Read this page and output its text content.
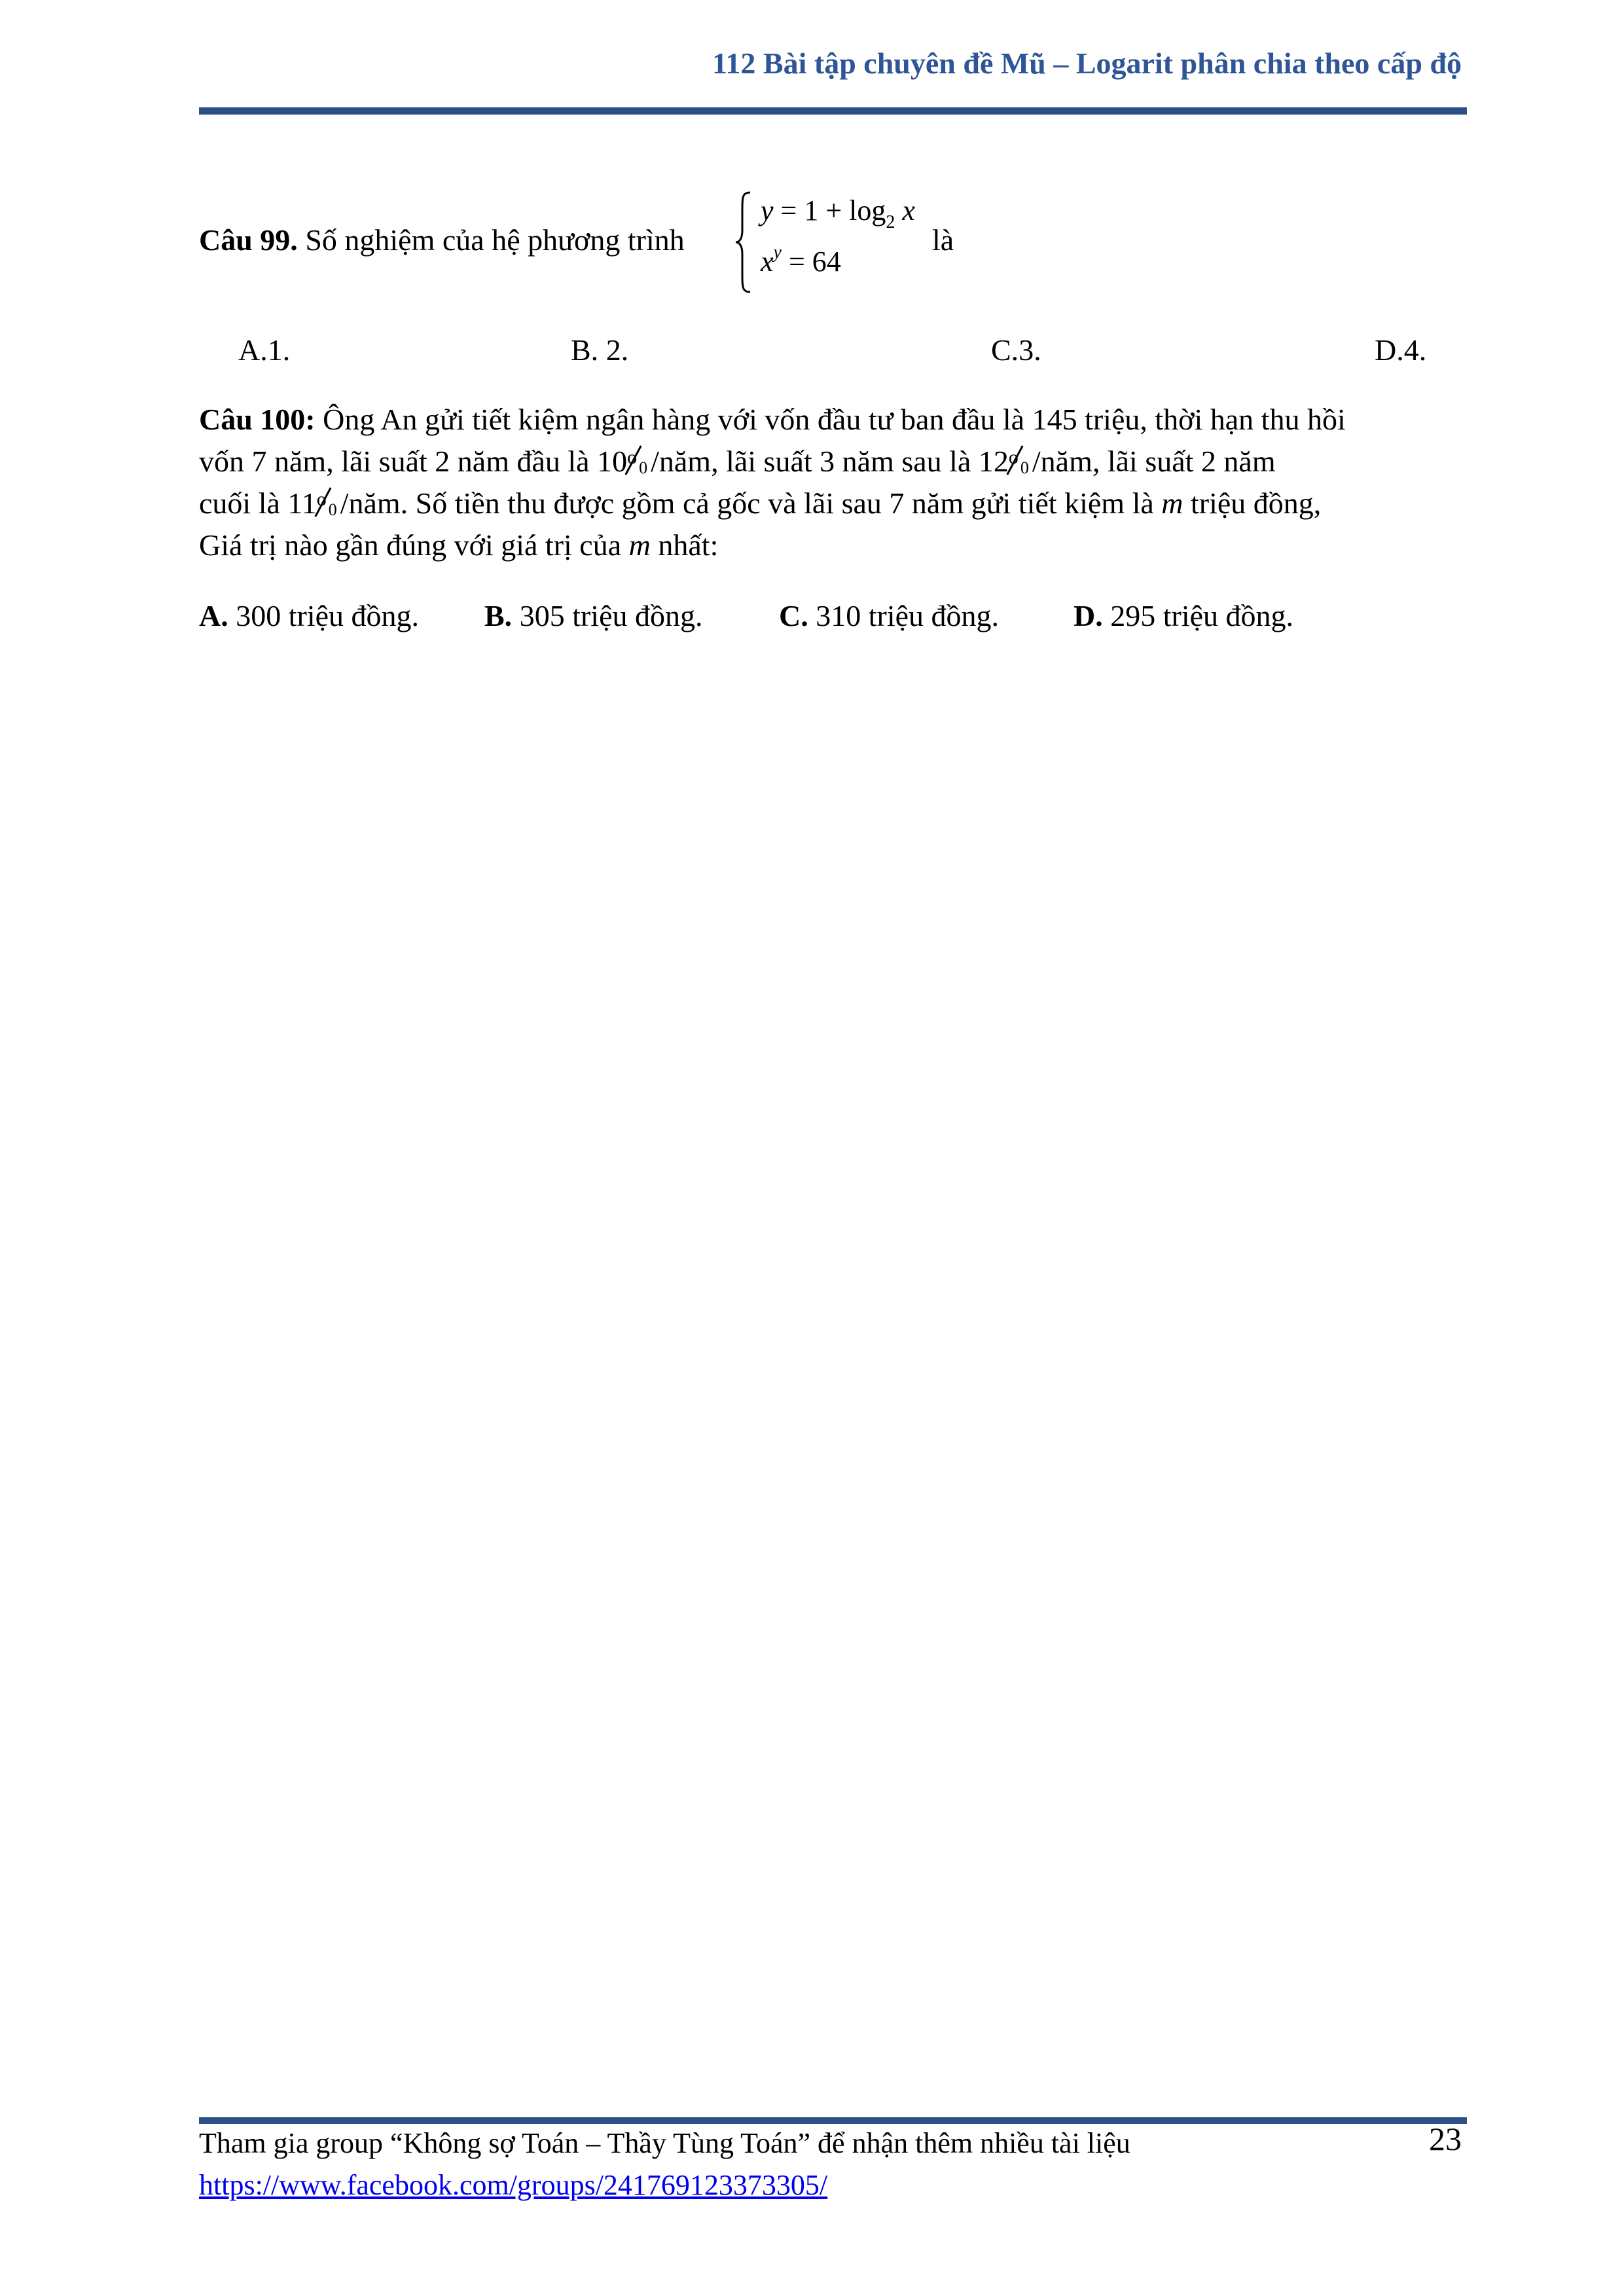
112 Bài tập chuyên đề Mũ – Logarit phân chia theo cấp độ
Câu 99. Số nghiệm của hệ phương trình
$y = 1 + \log_2 x$
$x^y = 64$
là
A.1.	B. 2.	C.3.	D.4.
Câu 100: Ông An gửi tiết kiệm ngân hàng với vốn đầu tư ban đầu là 145 triệu, thời hạn thu hồi
vốn 7 năm, lãi suất 2 năm đầu là 10 o 0 /năm, lãi suất 3 năm sau là 12 o 0 /năm, lãi suất 2 năm
cuối là 11 o 0 /năm. Số tiền thu được gồm cả gốc và lãi sau 7 năm gửi tiết kiệm là m triệu đồng,
Giá trị nào gần đúng với giá trị của m nhất:
A. 300 triệu đồng. B. 305 triệu đồng.	C. 310 triệu đồng. D. 295 triệu đồng.
Tham gia group “Không sợ Toán – Thầy Tùng Toán” để nhận thêm nhiều tài liệu
https://www.facebook.com/groups/241769123373305/
23
